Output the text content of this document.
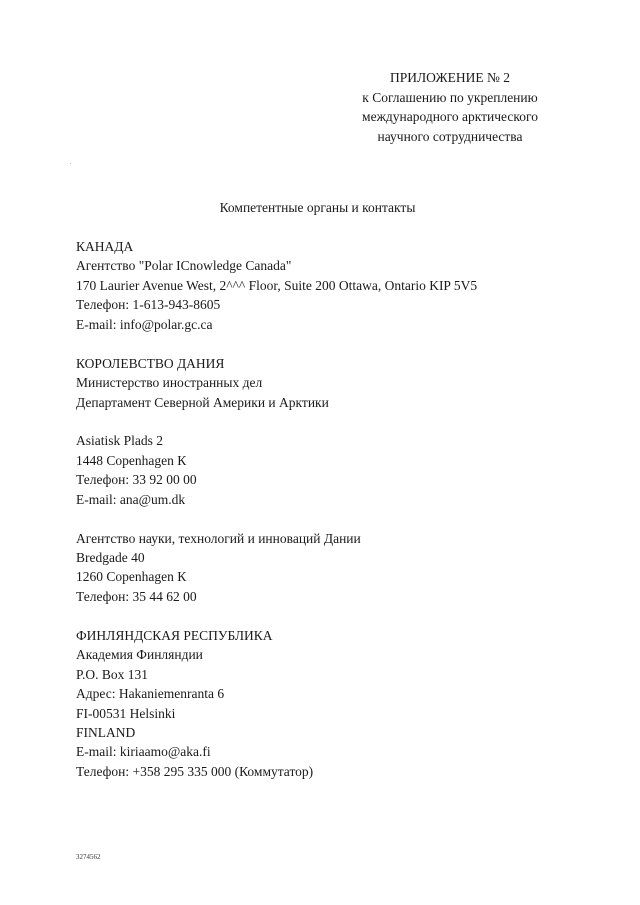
ПРИЛОЖЕНИЕ № 2
к Соглашению по укреплению
международного арктического
научного сотрудничества
Компетентные органы и контакты
КАНАДА
Агентство "Polar ICnowledge Canada"
170 Laurier Avenue West, 2^^^ Floor, Suite 200 Ottawa, Ontario KIP 5V5
Телефон: 1-613-943-8605
E-mail: info@polar.gc.ca
КОРОЛЕВСТВО ДАНИЯ
Министерство иностранных дел
Департамент Северной Америки и Арктики
Asiatisk Plads 2
1448 Copenhagen К
Телефон: 33 92 00 00
E-mail: ana@um.dk
Агентство науки, технологий и инноваций Дании
Bredgade 40
1260 Copenhagen К
Телефон: 35 44 62 00
ФИНЛЯНДСКАЯ РЕСПУБЛИКА
Академия Финляндии
P.O. Box 131
Адрес: Hakaniemenranta 6
FI-00531 Helsinki
FINLAND
E-mail: kiriaamo@aka.fi
Телефон: +358 295 335 000 (Коммутатор)
3274562
